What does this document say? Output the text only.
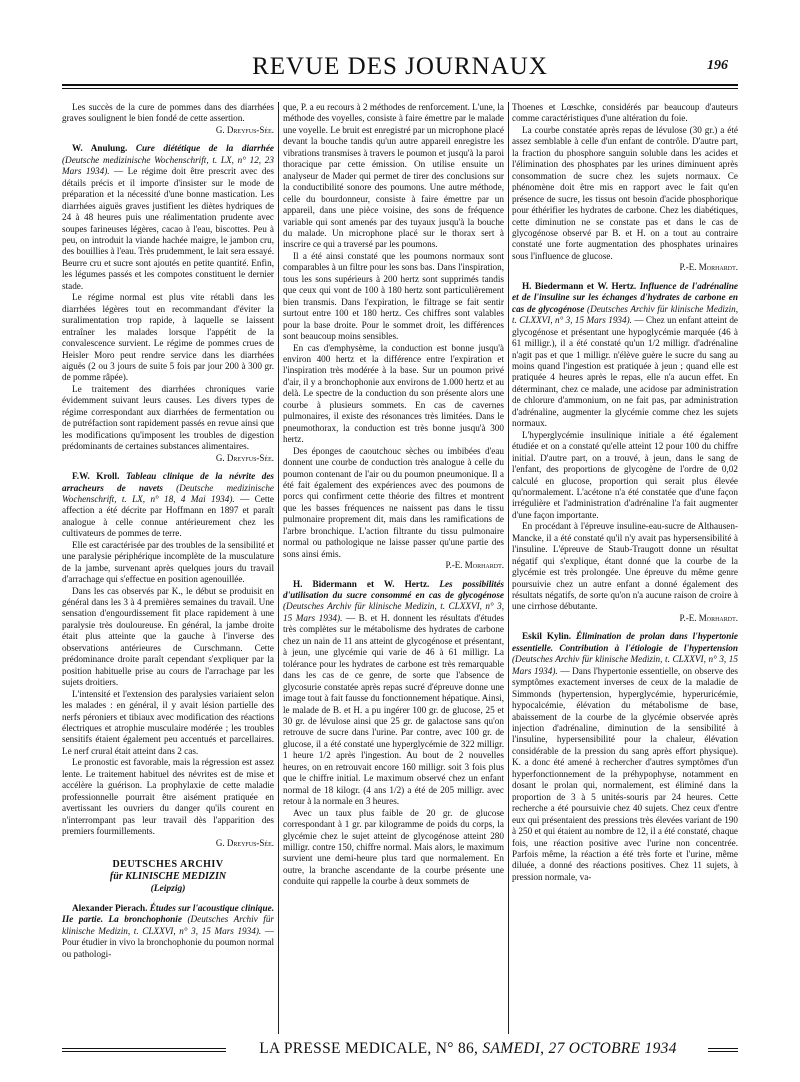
REVUE DES JOURNAUX	196

Les succès de la cure de pommes dans des diarrhées graves soulignent le bien fondé de cette assertion.

G. Dreyfus-Sée.

W. Anulung. Cure diététique de la diarrhée (Deutsche medizinische Wochenschrift, t. LX, n° 12, 23 Mars 1934). — Le régime doit être prescrit avec des détails précis et il importe d'insister sur le mode de préparation et la nécessité d'une bonne mastication. Les diarrhées aiguës graves justifient les diètes hydriques de 24 à 48 heures puis une réalimentation prudente avec soupes farineuses légères, cacao à l'eau, biscottes. Peu à peu, on introduit la viande hachée maigre, le jambon cru, des bouillies à l'eau. Très prudemment, le lait sera essayé. Beurre cru et sucre sont ajoutés en petite quantité. Enfin, les légumes passés et les compotes constituent le dernier stade.

Le régime normal est plus vite rétabli dans les diarrhées légères tout en recommandant d'éviter la suralimentation trop rapide, à laquelle se laissent entraîner les malades lorsque l'appétit de la convalescence survient. Le régime de pommes crues de Heisler Moro peut rendre service dans les diarrhées aiguës (2 ou 3 jours de suite 5 fois par jour 200 à 300 gr. de pomme râpée).

Le traitement des diarrhées chroniques varie évidemment suivant leurs causes. Les divers types de régime correspondant aux diarrhées de fermentation ou de putréfaction sont rapidement passés en revue ainsi que les modifications qu'imposent les troubles de digestion prédominants de certaines substances alimentaires.

G. Dreyfus-Sée.

F.W. Kroll. Tableau clinique de la névrite des arracheurs de navets (Deutsche medizinische Wochenschrift, t. LX, n° 18, 4 Mai 1934). — Cette affection a été décrite par Hoffmann en 1897 et paraît analogue à celle connue antérieurement chez les cultivateurs de pommes de terre.

Elle est caractérisée par des troubles de la sensibilité et une paralysie périphérique incomplète de la musculature de la jambe, survenant après quelques jours du travail d'arrachage qui s'effectue en position agenouillée.

Dans les cas observés par K., le début se produisit en général dans les 3 à 4 premières semaines du travail. Une sensation d'engourdissement fit place rapidement à une paralysie très douloureuse. En général, la jambe droite était plus atteinte que la gauche à l'inverse des observations antérieures de Curschmann. Cette prédominance droite paraît cependant s'expliquer par la position habituelle prise au cours de l'arrachage par les sujets droitiers.

L'intensité et l'extension des paralysies variaient selon les malades : en général, il y avait lésion partielle des nerfs péroniers et tibiaux avec modification des réactions électriques et atrophie musculaire modérée ; les troubles sensitifs étaient également peu accentués et parcellaires. Le nerf crural était atteint dans 2 cas.

Le pronostic est favorable, mais la régression est assez lente. Le traitement habituel des névrites est de mise et accélère la guérison. La prophylaxie de cette maladie professionnelle pourrait être aisément pratiquée en avertissant les ouvriers du danger qu'ils courent en n'interrompant pas leur travail dès l'apparition des premiers fourmillements.

G. Dreyfus-Sée.

DEUTSCHES ARCHIV
für KLINISCHE MEDIZIN
(Leipzig)

Alexander Pierach. Études sur l'acoustique clinique. IIe partie. La bronchophonie (Deutsches Archiv für klinische Medizin, t. CLXXVI, n° 3, 15 Mars 1934). — Pour étudier in vivo la bronchophonie du poumon normal ou pathologi-

que, P. a eu recours à 2 méthodes de renforcement. L'une, la méthode des voyelles, consiste à faire émettre par le malade une voyelle. Le bruit est enregistré par un microphone placé devant la bouche tandis qu'un autre appareil enregistre les vibrations transmises à travers le poumon et jusqu'à la paroi thoracique par cette émission. On utilise ensuite un analyseur de Mader qui permet de tirer des conclusions sur la conductibilité sonore des poumons. Une autre méthode, celle du bourdonneur, consiste à faire émettre par un appareil, dans une pièce voisine, des sons de fréquence variable qui sont amenés par des tuyaux jusqu'à la bouche du malade. Un microphone placé sur le thorax sert à inscrire ce qui a traversé par les poumons.

Il a été ainsi constaté que les poumons normaux sont comparables à un filtre pour les sons bas. Dans l'inspiration, tous les sons supérieurs à 200 hertz sont supprimés tandis que ceux qui vont de 100 à 180 hertz sont particulièrement bien transmis. Dans l'expiration, le filtrage se fait sentir surtout entre 100 et 180 hertz. Ces chiffres sont valables pour la base droite. Pour le sommet droit, les différences sont beaucoup moins sensibles.

En cas d'emphysème, la conduction est bonne jusqu'à environ 400 hertz et la différence entre l'expiration et l'inspiration très modérée à la base. Sur un poumon privé d'air, il y a bronchophonie aux environs de 1.000 hertz et au delà. Le spectre de la conduction du son présente alors une courbe à plusieurs sommets. En cas de cavernes pulmonaires, il existe des résonances très limitées. Dans le pneumothorax, la conduction est très bonne jusqu'à 300 hertz.

Des éponges de caoutchouc sèches ou imbibées d'eau donnent une courbe de conduction très analogue à celle du poumon contenant de l'air ou du poumon pneumonique. Il a été fait également des expériences avec des poumons de porcs qui confirment cette théorie des filtres et montrent que les basses fréquences ne naissent pas dans le tissu pulmonaire proprement dit, mais dans les ramifications de l'arbre bronchique. L'action filtrante du tissu pulmonaire normal ou pathologique ne laisse passer qu'une partie des sons ainsi émis.

P.-E. Morhardt.

H. Bidermann et W. Hertz. Les possibilités d'utilisation du sucre consommé en cas de glycogénose (Deutsches Archiv für klinische Medizin, t. CLXXVI, n° 3, 15 Mars 1934). — B. et H. donnent les résultats d'études très complètes sur le métabolisme des hydrates de carbone chez un nain de 11 ans atteint de glycogénose et présentant, à jeun, une glycémie qui varie de 46 à 61 milligr. La tolérance pour les hydrates de carbone est très remarquable dans les cas de ce genre, de sorte que l'absence de glycosurie constatée après repas sucré d'épreuve donne une image tout à fait fausse du fonctionnement hépatique. Ainsi, le malade de B. et H. a pu ingérer 100 gr. de glucose, 25 et 30 gr. de lévulose ainsi que 25 gr. de galactose sans qu'on retrouve de sucre dans l'urine. Par contre, avec 100 gr. de glucose, il a été constaté une hyperglycémie de 322 milligr. 1 heure 1/2 après l'ingestion. Au bout de 2 nouvelles heures, on en retrouvait encore 160 milligr. soit 3 fois plus que le chiffre initial. Le maximum observé chez un enfant normal de 18 kilogr. (4 ans 1/2) a été de 205 milligr. avec retour à la normale en 3 heures.

Avec un taux plus faible de 20 gr. de glucose correspondant à 1 gr. par kilogramme de poids du corps, la glycémie chez le sujet atteint de glycogénose atteint 280 milligr. contre 150, chiffre normal. Mais alors, le maximum survient une demi-heure plus tard que normalement. En outre, la branche ascendante de la courbe présente une conduite qui rappelle la courbe à deux sommets de

Thoenes et Lœschke, considérés par beaucoup d'auteurs comme caractéristiques d'une altération du foie.

La courbe constatée après repas de lévulose (30 gr.) a été assez semblable à celle d'un enfant de contrôle. D'autre part, la fraction du phosphore sanguin soluble dans les acides et l'élimination des phosphates par les urines diminuent après consommation de sucre chez les sujets normaux. Ce phénomène doit être mis en rapport avec le fait qu'en présence de sucre, les tissus ont besoin d'acide phosphorique pour éthérifier les hydrates de carbone. Chez les diabétiques, cette diminution ne se constate pas et dans le cas de glycogénose observé par B. et H. on a tout au contraire constaté une forte augmentation des phosphates urinaires sous l'influence de glucose.

P.-E. Morhardt.

H. Biedermann et W. Hertz. Influence de l'adrénaline et de l'insuline sur les échanges d'hydrates de carbone en cas de glycogénose (Deutsches Archiv für klinische Medizin, t. CLXXVI, n° 3, 15 Mars 1934). — Chez un enfant atteint de glycogénose et présentant une hypoglycémie marquée (46 à 61 milligr.), il a été constaté qu'un 1/2 milligr. d'adrénaline n'agit pas et que 1 milligr. n'élève guère le sucre du sang au moins quand l'ingestion est pratiquée à jeun ; quand elle est pratiquée 4 heures après le repas, elle n'a aucun effet. En déterminant, chez ce malade, une acidose par administration de chlorure d'ammonium, on ne fait pas, par administration d'adrénaline, augmenter la glycémie comme chez les sujets normaux.

L'hyperglycémie insulinique initiale a été également étudiée et on a constaté qu'elle atteint 12 pour 100 du chiffre initial. D'autre part, on a trouvé, à jeun, dans le sang de l'enfant, des proportions de glycogène de l'ordre de 0,02 calculé en glucose, proportion qui serait plus élevée qu'normalement. L'acétone n'a été constatée que d'une façon irrégulière et l'administration d'adrénaline l'a fait augmenter d'une façon importante.

En procédant à l'épreuve insuline-eau-sucre de Althausen-Mancke, il a été constaté qu'il n'y avait pas hypersensibilité à l'insuline. L'épreuve de Staub-Traugott donne un résultat négatif qui s'explique, étant donné que la courbe de la glycémie est très prolongée. Une épreuve du même genre poursuivie chez un autre enfant a donné également des résultats négatifs, de sorte qu'on n'a aucune raison de croire à une cirrhose débutante.

P.-E. Morhardt.

Eskil Kylin. Élimination de prolan dans l'hypertonie essentielle. Contribution à l'étiologie de l'hypertension (Deutsches Archiv für klinische Medizin, t. CLXXVI, n° 3, 15 Mars 1934). — Dans l'hypertonie essentielle, on observe des symptômes exactement inverses de ceux de la maladie de Simmonds (hypertension, hyperglycémie, hyperuricémie, hypocalcémie, élévation du métabolisme de base, abaissement de la courbe de la glycémie observée après injection d'adrénaline, diminution de la sensibilité à l'insuline, hypersensibilité pour la chaleur, élévation considérable de la pression du sang après effort physique). K. a donc été amené à rechercher d'autres symptômes d'un hyperfonctionnement de la préhypophyse, notamment en dosant le prolan qui, normalement, est éliminé dans la proportion de 3 à 5 unités-souris par 24 heures. Cette recherche a été poursuivie chez 40 sujets. Chez ceux d'entre eux qui présentaient des pressions très élevées variant de 190 à 250 et qui étaient au nombre de 12, il a été constaté, chaque fois, une réaction positive avec l'urine non concentrée. Parfois même, la réaction a été très forte et l'urine, même diluée, a donné des réactions positives. Chez 11 sujets, à pression normale, va-

LA PRESSE MEDICALE, N° 86, SAMEDI, 27 OCTOBRE 1934
